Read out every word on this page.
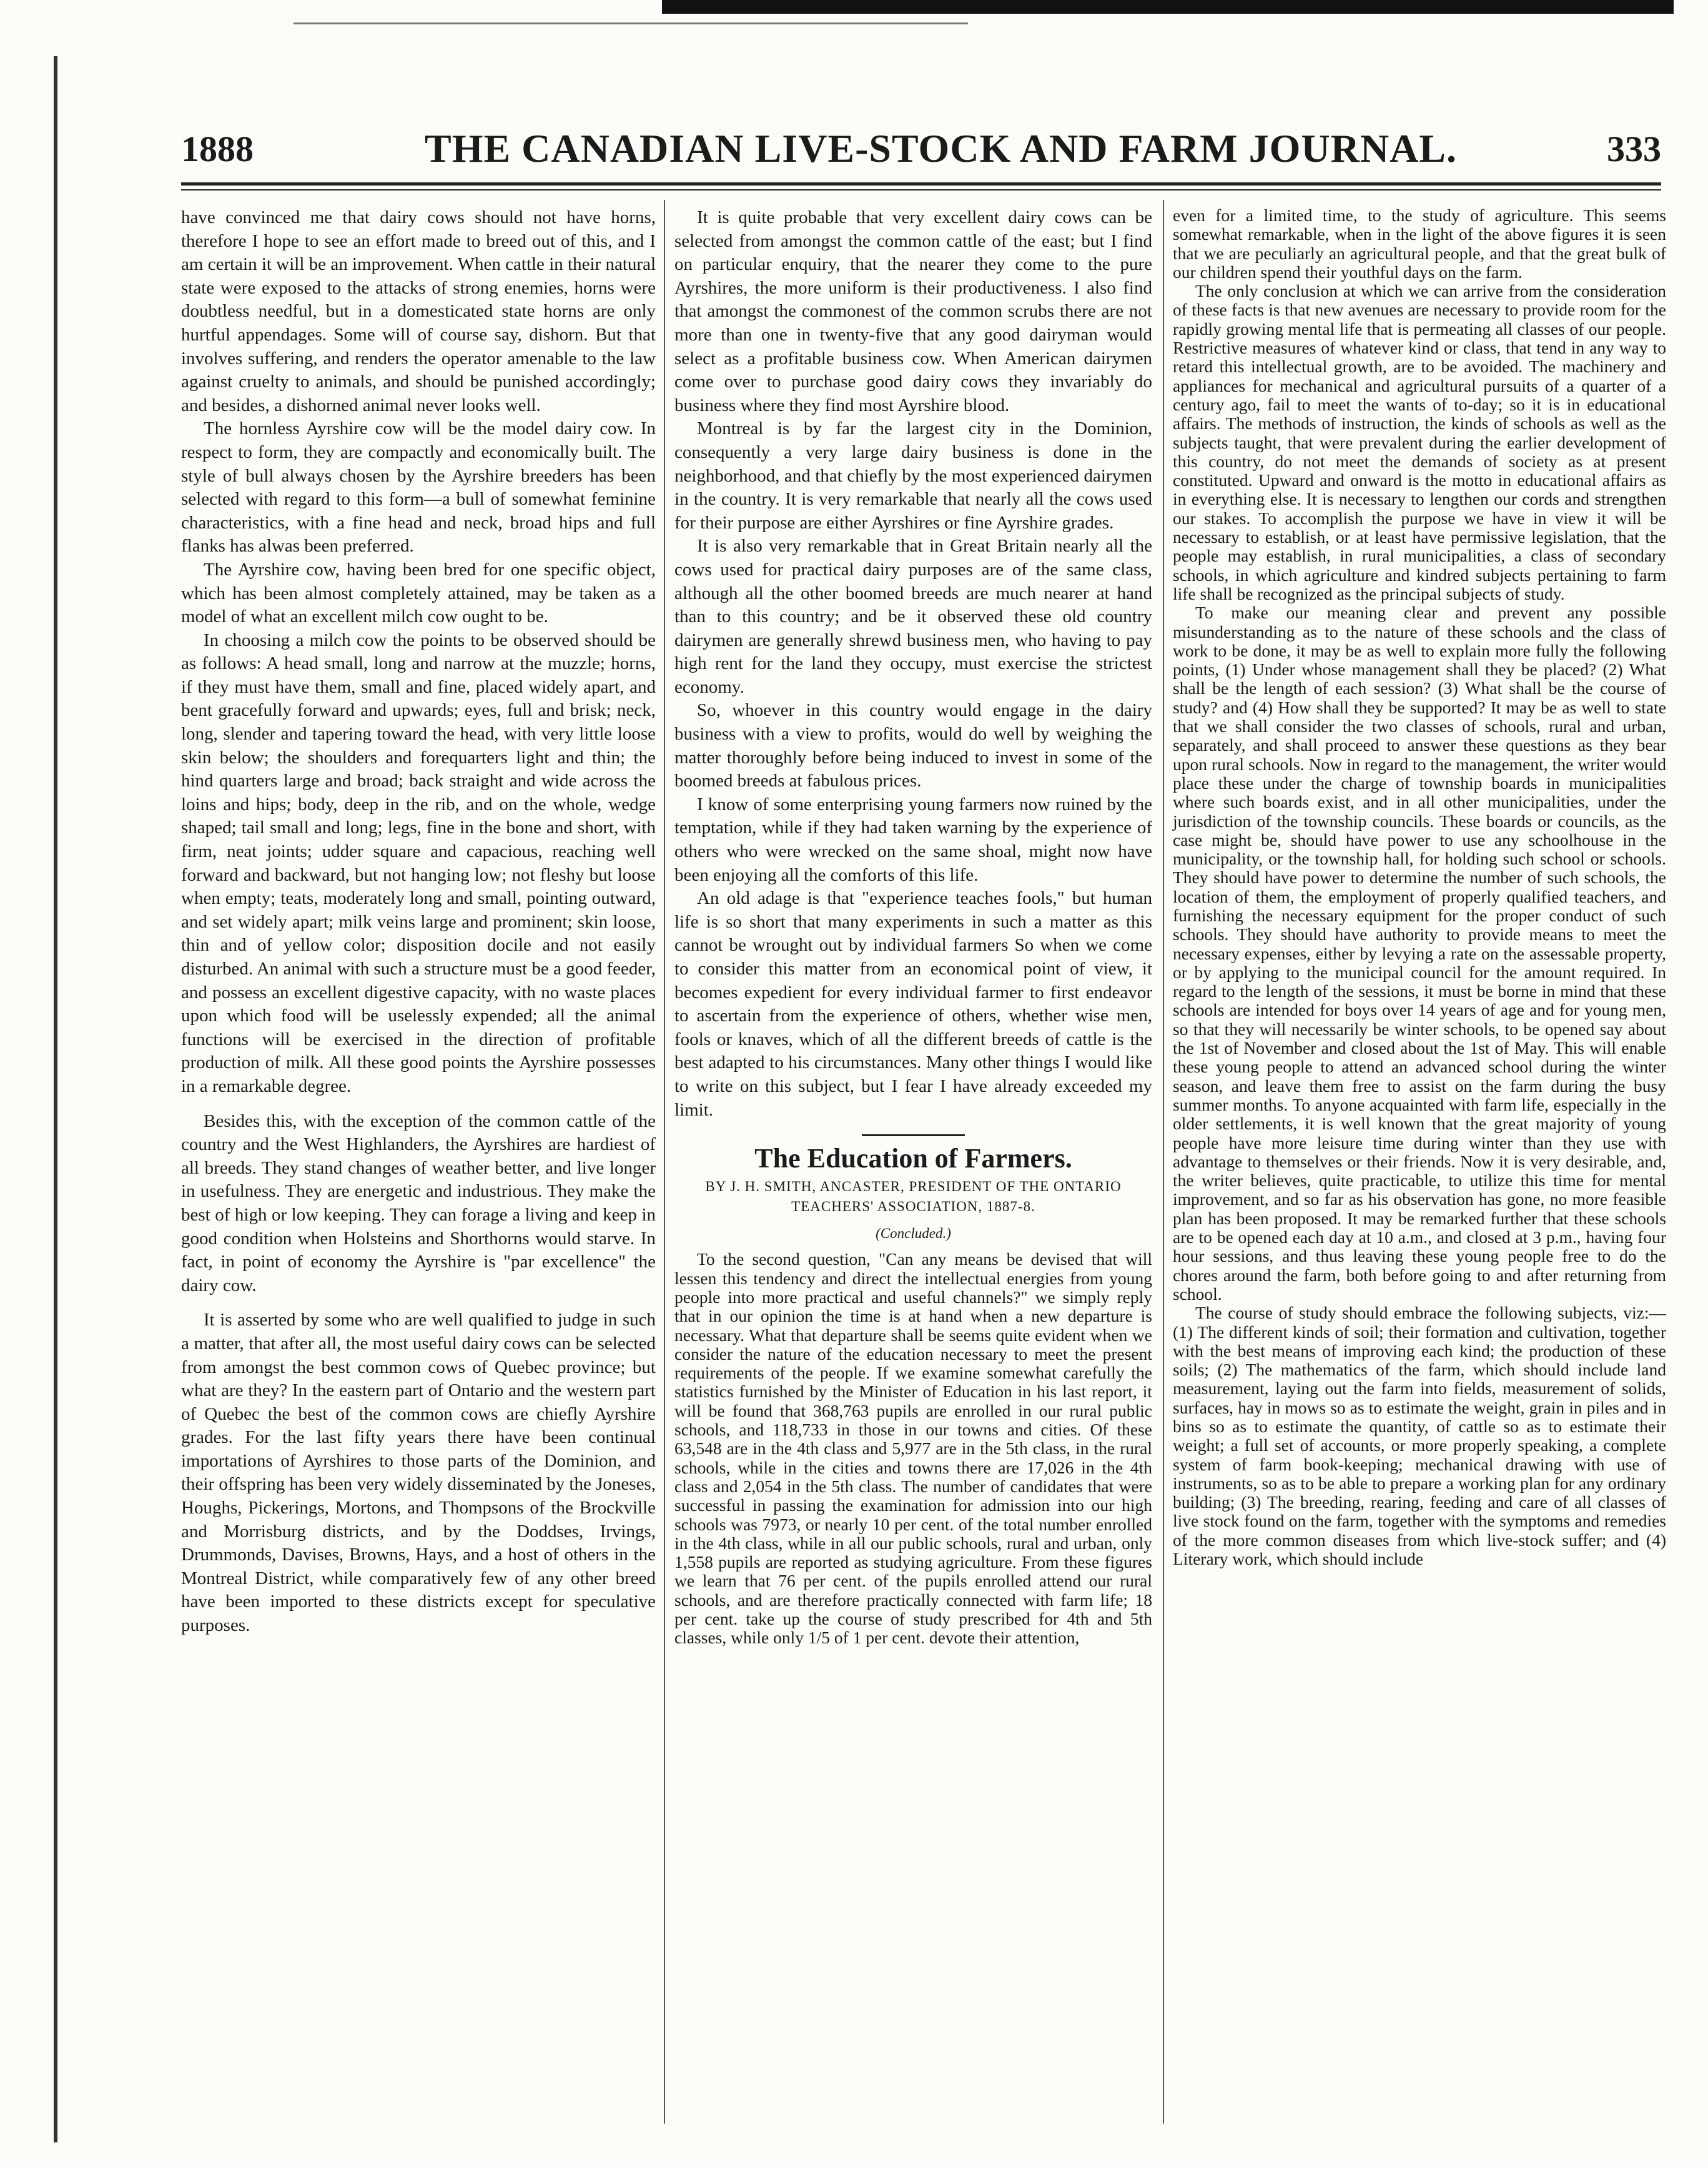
1888	THE CANADIAN LIVE-STOCK AND FARM JOURNAL.	333

have convinced me that dairy cows should not have horns, therefore I hope to see an effort made to breed out of this, and I am certain it will be an improvement. When cattle in their natural state were exposed to the attacks of strong enemies, horns were doubtless needful, but in a domesticated state horns are only hurtful appendages. Some will of course say, dishorn. But that involves suffering, and renders the operator amenable to the law against cruelty to animals, and should be punished accordingly; and besides, a dishorned animal never looks well.

The hornless Ayrshire cow will be the model dairy cow. In respect to form, they are compactly and economically built. The style of bull always chosen by the Ayrshire breeders has been selected with regard to this form—a bull of somewhat feminine characteristics, with a fine head and neck, broad hips and full flanks has alwas been preferred.

The Ayrshire cow, having been bred for one specific object, which has been almost completely attained, may be taken as a model of what an excellent milch cow ought to be.

In choosing a milch cow the points to be observed should be as follows: A head small, long and narrow at the muzzle; horns, if they must have them, small and fine, placed widely apart, and bent gracefully forward and upwards; eyes, full and brisk; neck, long, slender and tapering toward the head, with very little loose skin below; the shoulders and forequarters light and thin; the hind quarters large and broad; back straight and wide across the loins and hips; body, deep in the rib, and on the whole, wedge shaped; tail small and long; legs, fine in the bone and short, with firm, neat joints; udder square and capacious, reaching well forward and backward, but not hanging low; not fleshy but loose when empty; teats, moderately long and small, pointing outward, and set widely apart; milk veins large and prominent; skin loose, thin and of yellow color; disposition docile and not easily disturbed. An animal with such a structure must be a good feeder, and possess an excellent digestive capacity, with no waste places upon which food will be uselessly expended; all the animal functions will be exercised in the direction of profitable production of milk. All these good points the Ayrshire possesses in a remarkable degree.

Besides this, with the exception of the common cattle of the country and the West Highlanders, the Ayrshires are hardiest of all breeds. They stand changes of weather better, and live longer in usefulness. They are energetic and industrious. They make the best of high or low keeping. They can forage a living and keep in good condition when Holsteins and Shorthorns would starve. In fact, in point of economy the Ayrshire is "par excellence" the dairy cow.

It is asserted by some who are well qualified to judge in such a matter, that after all, the most useful dairy cows can be selected from amongst the best common cows of Quebec province; but what are they? In the eastern part of Ontario and the western part of Quebec the best of the common cows are chiefly Ayrshire grades. For the last fifty years there have been continual importations of Ayrshires to those parts of the Dominion, and their offspring has been very widely disseminated by the Joneses, Houghs, Pickerings, Mortons, and Thompsons of the Brockville and Morrisburg districts, and by the Doddses, Irvings, Drummonds, Davises, Browns, Hays, and a host of others in the Montreal District, while comparatively few of any other breed have been imported to these districts except for speculative purposes.

It is quite probable that very excellent dairy cows can be selected from amongst the common cattle of the east; but I find on particular enquiry, that the nearer they come to the pure Ayrshires, the more uniform is their productiveness. I also find that amongst the commonest of the common scrubs there are not more than one in twenty-five that any good dairyman would select as a profitable business cow. When American dairymen come over to purchase good dairy cows they invariably do business where they find most Ayrshire blood.

Montreal is by far the largest city in the Dominion, consequently a very large dairy business is done in the neighborhood, and that chiefly by the most experienced dairymen in the country. It is very remarkable that nearly all the cows used for their purpose are either Ayrshires or fine Ayrshire grades.

It is also very remarkable that in Great Britain nearly all the cows used for practical dairy purposes are of the same class, although all the other boomed breeds are much nearer at hand than to this country; and be it observed these old country dairymen are generally shrewd business men, who having to pay high rent for the land they occupy, must exercise the strictest economy.

So, whoever in this country would engage in the dairy business with a view to profits, would do well by weighing the matter thoroughly before being induced to invest in some of the boomed breeds at fabulous prices.

I know of some enterprising young farmers now ruined by the temptation, while if they had taken warning by the experience of others who were wrecked on the same shoal, might now have been enjoying all the comforts of this life.

An old adage is that "experience teaches fools," but human life is so short that many experiments in such a matter as this cannot be wrought out by individual farmers So when we come to consider this matter from an economical point of view, it becomes expedient for every individual farmer to first endeavor to ascertain from the experience of others, whether wise men, fools or knaves, which of all the different breeds of cattle is the best adapted to his circumstances. Many other things I would like to write on this subject, but I fear I have already exceeded my limit.

The Education of Farmers.
BY J. H. SMITH, ANCASTER, PRESIDENT OF THE ONTARIO TEACHERS' ASSOCIATION, 1887-8.
(Concluded.)

To the second question, "Can any means be devised that will lessen this tendency and direct the intellectual energies from young people into more practical and useful channels?" we simply reply that in our opinion the time is at hand when a new departure is necessary. What that departure shall be seems quite evident when we consider the nature of the education necessary to meet the present requirements of the people. If we examine somewhat carefully the statistics furnished by the Minister of Education in his last report, it will be found that 368,763 pupils are enrolled in our rural public schools, and 118,733 in those in our towns and cities. Of these 63,548 are in the 4th class and 5,977 are in the 5th class, in the rural schools, while in the cities and towns there are 17,026 in the 4th class and 2,054 in the 5th class. The number of candidates that were successful in passing the examination for admission into our high schools was 7973, or nearly 10 per cent. of the total number enrolled in the 4th class, while in all our public schools, rural and urban, only 1,558 pupils are reported as studying agriculture. From these figures we learn that 76 per cent. of the pupils enrolled attend our rural schools, and are therefore practically connected with farm life; 18 per cent. take up the course of study prescribed for 4th and 5th classes, while only 1/5 of 1 per cent. devote their attention,

even for a limited time, to the study of agriculture. This seems somewhat remarkable, when in the light of the above figures it is seen that we are peculiarly an agricultural people, and that the great bulk of our children spend their youthful days on the farm.

The only conclusion at which we can arrive from the consideration of these facts is that new avenues are necessary to provide room for the rapidly growing mental life that is permeating all classes of our people. Restrictive measures of whatever kind or class, that tend in any way to retard this intellectual growth, are to be avoided. The machinery and appliances for mechanical and agricultural pursuits of a quarter of a century ago, fail to meet the wants of to-day; so it is in educational affairs. The methods of instruction, the kinds of schools as well as the subjects taught, that were prevalent during the earlier development of this country, do not meet the demands of society as at present constituted. Upward and onward is the motto in educational affairs as in everything else. It is necessary to lengthen our cords and strengthen our stakes. To accomplish the purpose we have in view it will be necessary to establish, or at least have permissive legislation, that the people may establish, in rural municipalities, a class of secondary schools, in which agriculture and kindred subjects pertaining to farm life shall be recognized as the principal subjects of study.

To make our meaning clear and prevent any possible misunderstanding as to the nature of these schools and the class of work to be done, it may be as well to explain more fully the following points, (1) Under whose management shall they be placed? (2) What shall be the length of each session? (3) What shall be the course of study? and (4) How shall they be supported? It may be as well to state that we shall consider the two classes of schools, rural and urban, separately, and shall proceed to answer these questions as they bear upon rural schools. Now in regard to the management, the writer would place these under the charge of township boards in municipalities where such boards exist, and in all other municipalities, under the jurisdiction of the township councils. These boards or councils, as the case might be, should have power to use any schoolhouse in the municipality, or the township hall, for holding such school or schools. They should have power to determine the number of such schools, the location of them, the employment of properly qualified teachers, and furnishing the necessary equipment for the proper conduct of such schools. They should have authority to provide means to meet the necessary expenses, either by levying a rate on the assessable property, or by applying to the municipal council for the amount required. In regard to the length of the sessions, it must be borne in mind that these schools are intended for boys over 14 years of age and for young men, so that they will necessarily be winter schools, to be opened say about the 1st of November and closed about the 1st of May. This will enable these young people to attend an advanced school during the winter season, and leave them free to assist on the farm during the busy summer months. To anyone acquainted with farm life, especially in the older settlements, it is well known that the great majority of young people have more leisure time during winter than they use with advantage to themselves or their friends. Now it is very desirable, and, the writer believes, quite practicable, to utilize this time for mental improvement, and so far as his observation has gone, no more feasible plan has been proposed. It may be remarked further that these schools are to be opened each day at 10 a.m., and closed at 3 p.m., having four hour sessions, and thus leaving these young people free to do the chores around the farm, both before going to and after returning from school.

The course of study should embrace the following subjects, viz:—(1) The different kinds of soil; their formation and cultivation, together with the best means of improving each kind; the production of these soils; (2) The mathematics of the farm, which should include land measurement, laying out the farm into fields, measurement of solids, surfaces, hay in mows so as to estimate the weight, grain in piles and in bins so as to estimate the quantity, of cattle so as to estimate their weight; a full set of accounts, or more properly speaking, a complete system of farm book-keeping; mechanical drawing with use of instruments, so as to be able to prepare a working plan for any ordinary building; (3) The breeding, rearing, feeding and care of all classes of live stock found on the farm, together with the symptoms and remedies of the more common diseases from which live-stock suffer; and (4) Literary work, which should include
